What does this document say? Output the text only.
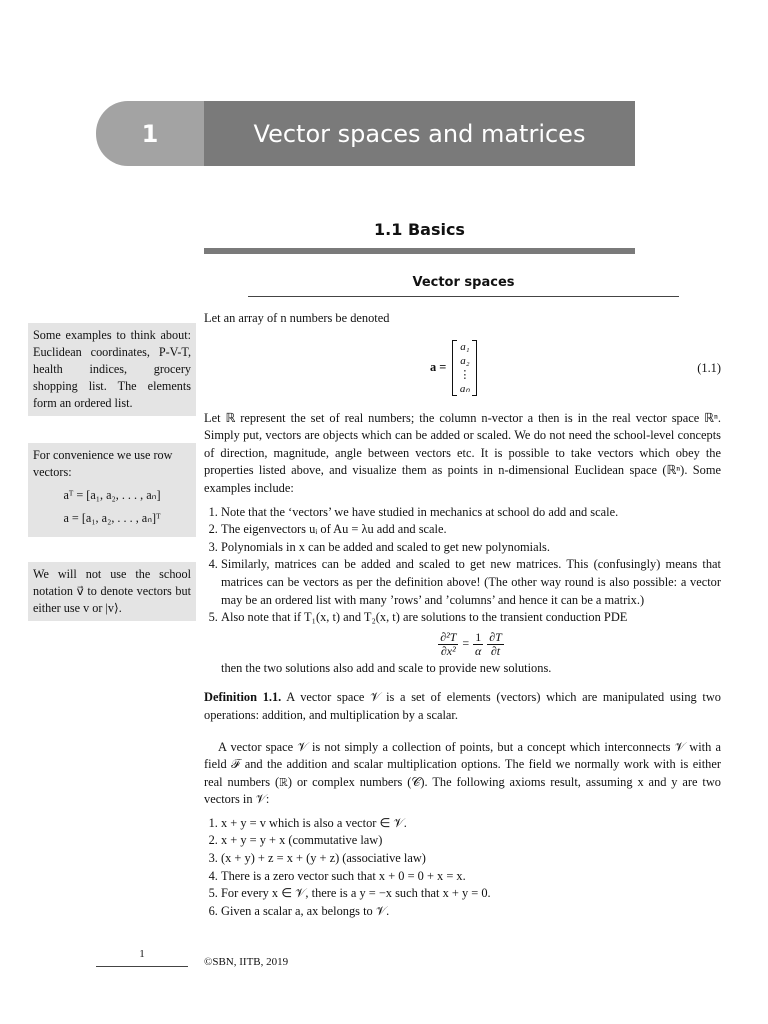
1	Vector spaces and matrices
1.1 Basics
Vector spaces
Some examples to think about: Euclidean coordinates, P-V-T, health indices, grocery shopping list. The elements form an ordered list.
For convenience we use row vectors:
aᵀ = [a₁, a₂, . . . , aₙ]
a = [a₁, a₂, . . . , aₙ]ᵀ
We will not use the school notation v⃗ to denote vectors but either use v or |v⟩.

Let an array of n numbers be denoted

a =
a₁
a₂
⋮
aₙ
(1.1)

Let ℝ represent the set of real numbers; the column n-vector a then is in the real vector space ℝⁿ. Simply put, vectors are objects which can be added or scaled. We do not need the school-level concepts of direction, magnitude, angle between vectors etc. It is possible to take vectors which obey the properties listed above, and visualize them as points in n-dimensional Euclidean space (ℝⁿ). Some examples include:

1. Note that the ‘vectors’ we have studied in mechanics at school do add and scale.
2. The eigenvectors uᵢ of Au = λu add and scale.
3. Polynomials in x can be added and scaled to get new polynomials.
4. Similarly, matrices can be added and scaled to get new matrices. This (confusingly) means that matrices can be vectors as per the definition above! (The other way round is also possible: a vector may be an ordered list with many ’rows’ and ’columns’ and hence it can be a matrix.)
5. Also note that if T₁(x, t) and T₂(x, t) are solutions to the transient conduction PDE
$\frac{\text{∂²T}}{\text{∂x²}} = \frac{1}{\alpha} \frac{\partial T}{\partial t}$
then the two solutions also add and scale to provide new solutions.

Definition 1.1. A vector space 𝒱 is a set of elements (vectors) which are manipulated using two operations: addition, and multiplication by a scalar.

A vector space 𝒱 is not simply a collection of points, but a concept which interconnects 𝒱 with a field ℱ and the addition and scalar multiplication options. The field we normally work with is either real numbers (ℝ) or complex numbers (𝒞). The following axioms result, assuming x and y are two vectors in 𝒱:

1. x + y = v which is also a vector ∈ 𝒱.
2. x + y = y + x (commutative law)
3. (x + y) + z = x + (y + z) (associative law)
4. There is a zero vector such that x + 0 = 0 + x = x.
5. For every x ∈ 𝒱, there is a y = −x such that x + y = 0.
6. Given a scalar a, ax belongs to 𝒱.
1
©SBN, IITB, 2019
